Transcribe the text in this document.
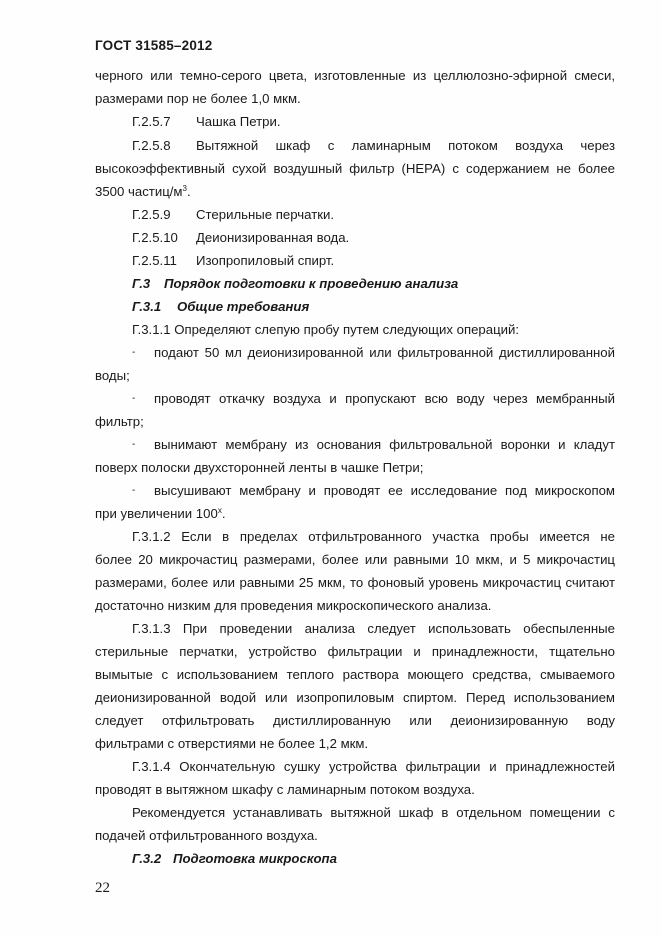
ГОСТ 31585–2012
черного или темно-серого цвета, изготовленные из целлюлозно-эфирной смеси,
размерами пор не более 1,0 мкм.
Г.2.5.7 Чашка Петри.
Г.2.5.8 Вытяжной шкаф с ламинарным потоком воздуха через
высокоэффективный сухой воздушный фильтр (НЕРА) с содержанием не более
3500 частиц/$м^3$.
Г.2.5.9 Стерильные перчатки.
Г.2.5.10 Деионизированная вода.
Г.2.5.11 Изопропиловый спирт.
Г.3 Порядок подготовки к проведению анализа
Г.3.1 Общие требования
Г.3.1.1 Определяют слепую пробу путем следующих операций:
- подают 50 мл деионизированной или фильтрованной дистиллированной
воды;
- проводят откачку воздуха и пропускают всю воду через мембранный
фильтр;
- вынимают мембрану из основания фильтровальной воронки и кладут
поверх полоски двухсторонней ленты в чашке Петри;
- высушивают мембрану и проводят ее исследование под микроскопом
при увеличении $100^х$.
Г.3.1.2 Если в пределах отфильтрованного участка пробы имеется не
более 20 микрочастиц размерами, более или равными 10 мкм, и 5 микрочастиц
размерами, более или равными 25 мкм, то фоновый уровень микрочастиц считают
достаточно низким для проведения микроскопического анализа.
Г.3.1.3 При проведении анализа следует использовать обеспыленные
стерильные перчатки, устройство фильтрации и принадлежности, тщательно
вымытые с использованием теплого раствора моющего средства, смываемого
деионизированной водой или изопропиловым спиртом. Перед использованием
следует отфильтровать дистиллированную или деионизированную воду
фильтрами с отверстиями не более 1,2 мкм.
Г.3.1.4 Окончательную сушку устройства фильтрации и принадлежностей
проводят в вытяжном шкафу с ламинарным потоком воздуха.
Рекомендуется устанавливать вытяжной шкаф в отдельном помещении с
подачей отфильтрованного воздуха.
Г.3.2 Подготовка микроскопа
22
